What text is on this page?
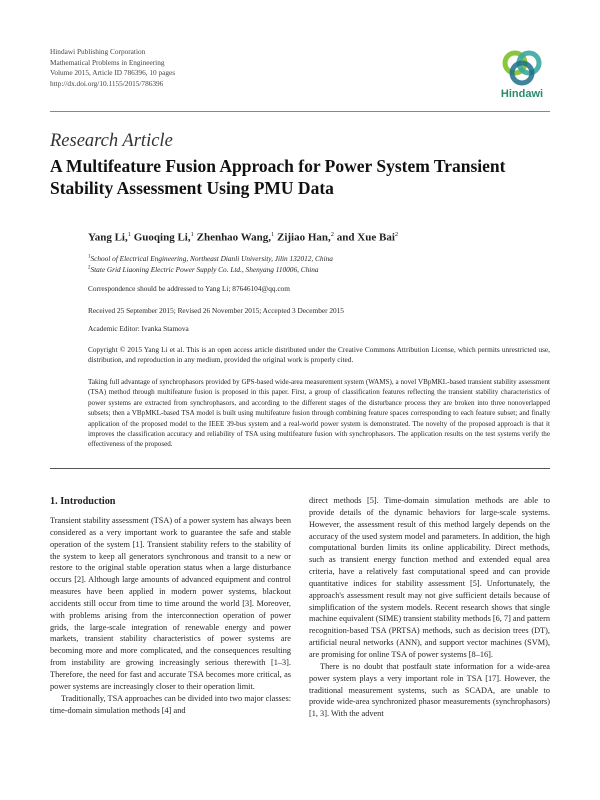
Hindawi Publishing Corporation
Mathematical Problems in Engineering
Volume 2015, Article ID 786396, 10 pages
http://dx.doi.org/10.1155/2015/786396
Hindawi
Research Article
A Multifeature Fusion Approach for Power System Transient Stability Assessment Using PMU Data
Yang Li,$^1$ Guoqing Li,$^1$ Zhenhao Wang,$^1$ Zijiao Han,$^2$ and Xue Bai$^2$
$^1$School of Electrical Engineering, Northeast Dianli University, Jilin 132012, China
$^2$State Grid Liaoning Electric Power Supply Co. Ltd., Shenyang 110006, China
Correspondence should be addressed to Yang Li; 87646104@qq.com
Received 25 September 2015; Revised 26 November 2015; Accepted 3 December 2015
Academic Editor: Ivanka Stamova
Copyright © 2015 Yang Li et al. This is an open access article distributed under the Creative Commons Attribution License, which permits unrestricted use, distribution, and reproduction in any medium, provided the original work is properly cited.
Taking full advantage of synchrophasors provided by GPS-based wide-area measurement system (WAMS), a novel VBpMKL-based transient stability assessment (TSA) method through multifeature fusion is proposed in this paper. First, a group of classification features reflecting the transient stability characteristics of power systems are extracted from synchrophasors, and according to the different stages of the disturbance process they are broken into three nonoverlapped subsets; then a VBpMKL-based TSA model is built using multifeature fusion through combining feature spaces corresponding to each feature subset; and finally application of the proposed model to the IEEE 39-bus system and a real-world power system is demonstrated. The novelty of the proposed approach is that it improves the classification accuracy and reliability of TSA using multifeature fusion with synchrophasors. The application results on the test systems verify the effectiveness of the proposed.
1. Introduction

Transient stability assessment (TSA) of a power system has always been considered as a very important work to guarantee the safe and stable operation of the system [1]. Transient stability refers to the stability of the system to keep all generators synchronous and transit to a new or restore to the original stable operation status when a large disturbance occurs [2]. Although large amounts of advanced equipment and control measures have been applied in modern power systems, blackout accidents still occur from time to time around the world [3]. Moreover, with problems arising from the interconnection operation of power grids, the large-scale integration of renewable energy and power markets, transient stability characteristics of power systems are becoming more and more complicated, and the consequences resulting from instability are growing increasingly serious therewith [1–3]. Therefore, the need for fast and accurate TSA becomes more critical, as power systems are increasingly closer to their operation limit.

Traditionally, TSA approaches can be divided into two major classes: time-domain simulation methods [4] and

direct methods [5]. Time-domain simulation methods are able to provide details of the dynamic behaviors for large-scale systems. However, the assessment result of this method largely depends on the accuracy of the used system model and parameters. In addition, the high computational burden limits its online applicability. Direct methods, such as transient energy function method and extended equal area criteria, have a relatively fast computational speed and can provide quantitative indices for stability assessment [5]. Unfortunately, the approach's assessment result may not give sufficient details because of simplification of the system models. Recent research shows that single machine equivalent (SIME) transient stability methods [6, 7] and pattern recognition-based TSA (PRTSA) methods, such as decision trees (DT), artificial neural networks (ANN), and support vector machines (SVM), are promising for online TSA of power systems [8–16].

There is no doubt that postfault state information for a wide-area power system plays a very important role in TSA [17]. However, the traditional measurement systems, such as SCADA, are unable to provide wide-area synchronized phasor measurements (synchrophasors) [1, 3]. With the advent
